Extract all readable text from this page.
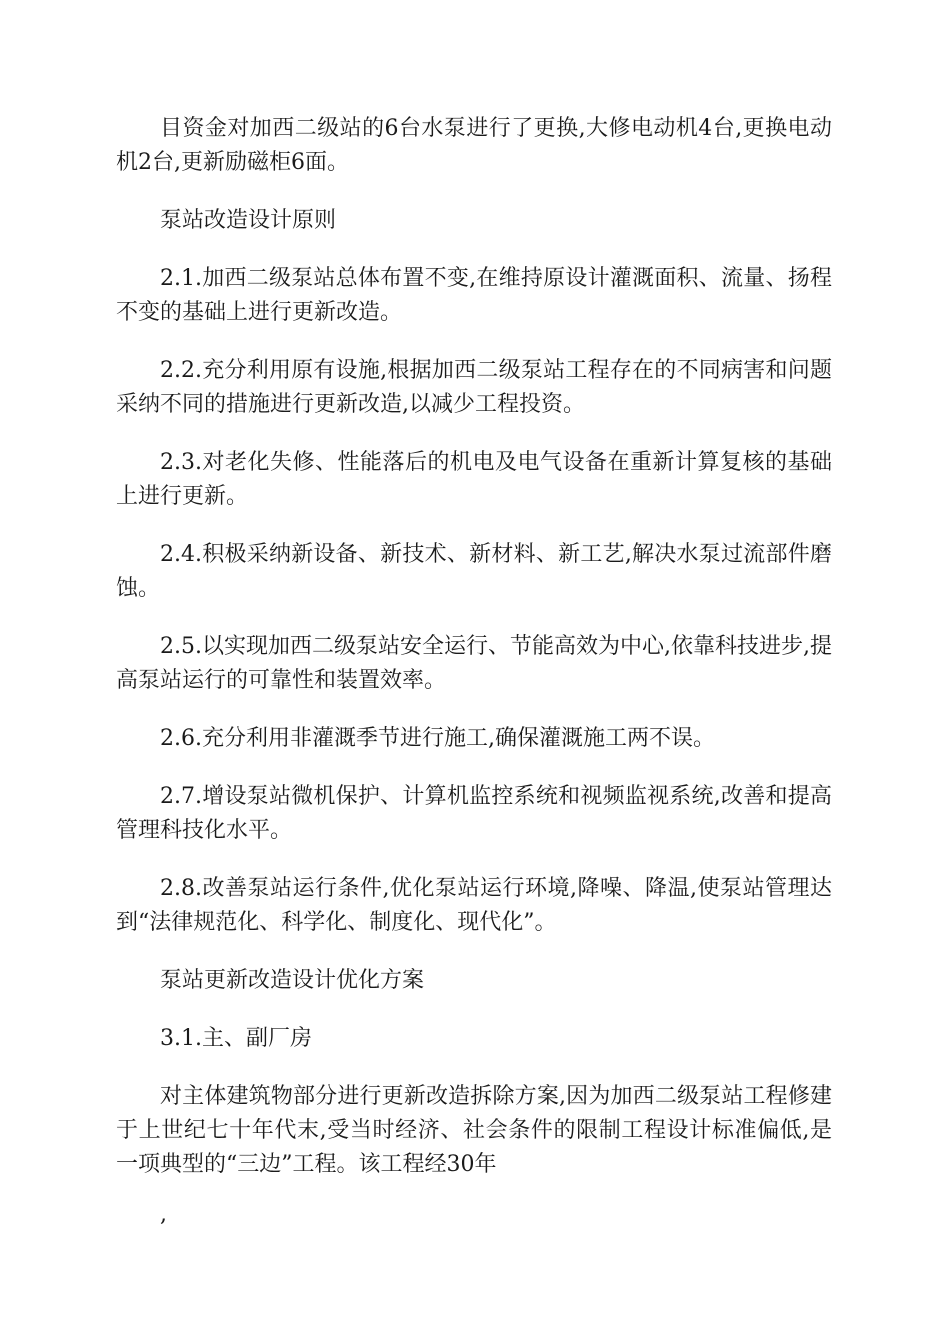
目资金对加西二级站的6台水泵进行了更换,大修电动机4台,更换电动机2台,更新励磁柜6面。

泵站改造设计原则

2.1.加西二级泵站总体布置不变,在维持原设计灌溉面积、流量、扬程不变的基础上进行更新改造。

2.2.充分利用原有设施,根据加西二级泵站工程存在的不同病害和问题采纳不同的措施进行更新改造,以减少工程投资。

2.3.对老化失修、性能落后的机电及电气设备在重新计算复核的基础上进行更新。

2.4.积极采纳新设备、新技术、新材料、新工艺,解决水泵过流部件磨蚀。

2.5.以实现加西二级泵站安全运行、节能高效为中心,依靠科技进步,提高泵站运行的可靠性和装置效率。

2.6.充分利用非灌溉季节进行施工,确保灌溉施工两不误。

2.7.增设泵站微机保护、计算机监控系统和视频监视系统,改善和提高管理科技化水平。

2.8.改善泵站运行条件,优化泵站运行环境,降噪、降温,使泵站管理达到“法律规范化、科学化、制度化、现代化”。

泵站更新改造设计优化方案

3.1.主、副厂房

对主体建筑物部分进行更新改造拆除方案,因为加西二级泵站工程修建于上世纪七十年代末,受当时经济、社会条件的限制工程设计标准偏低,是一项典型的“三边”工程。该工程经30年

,
